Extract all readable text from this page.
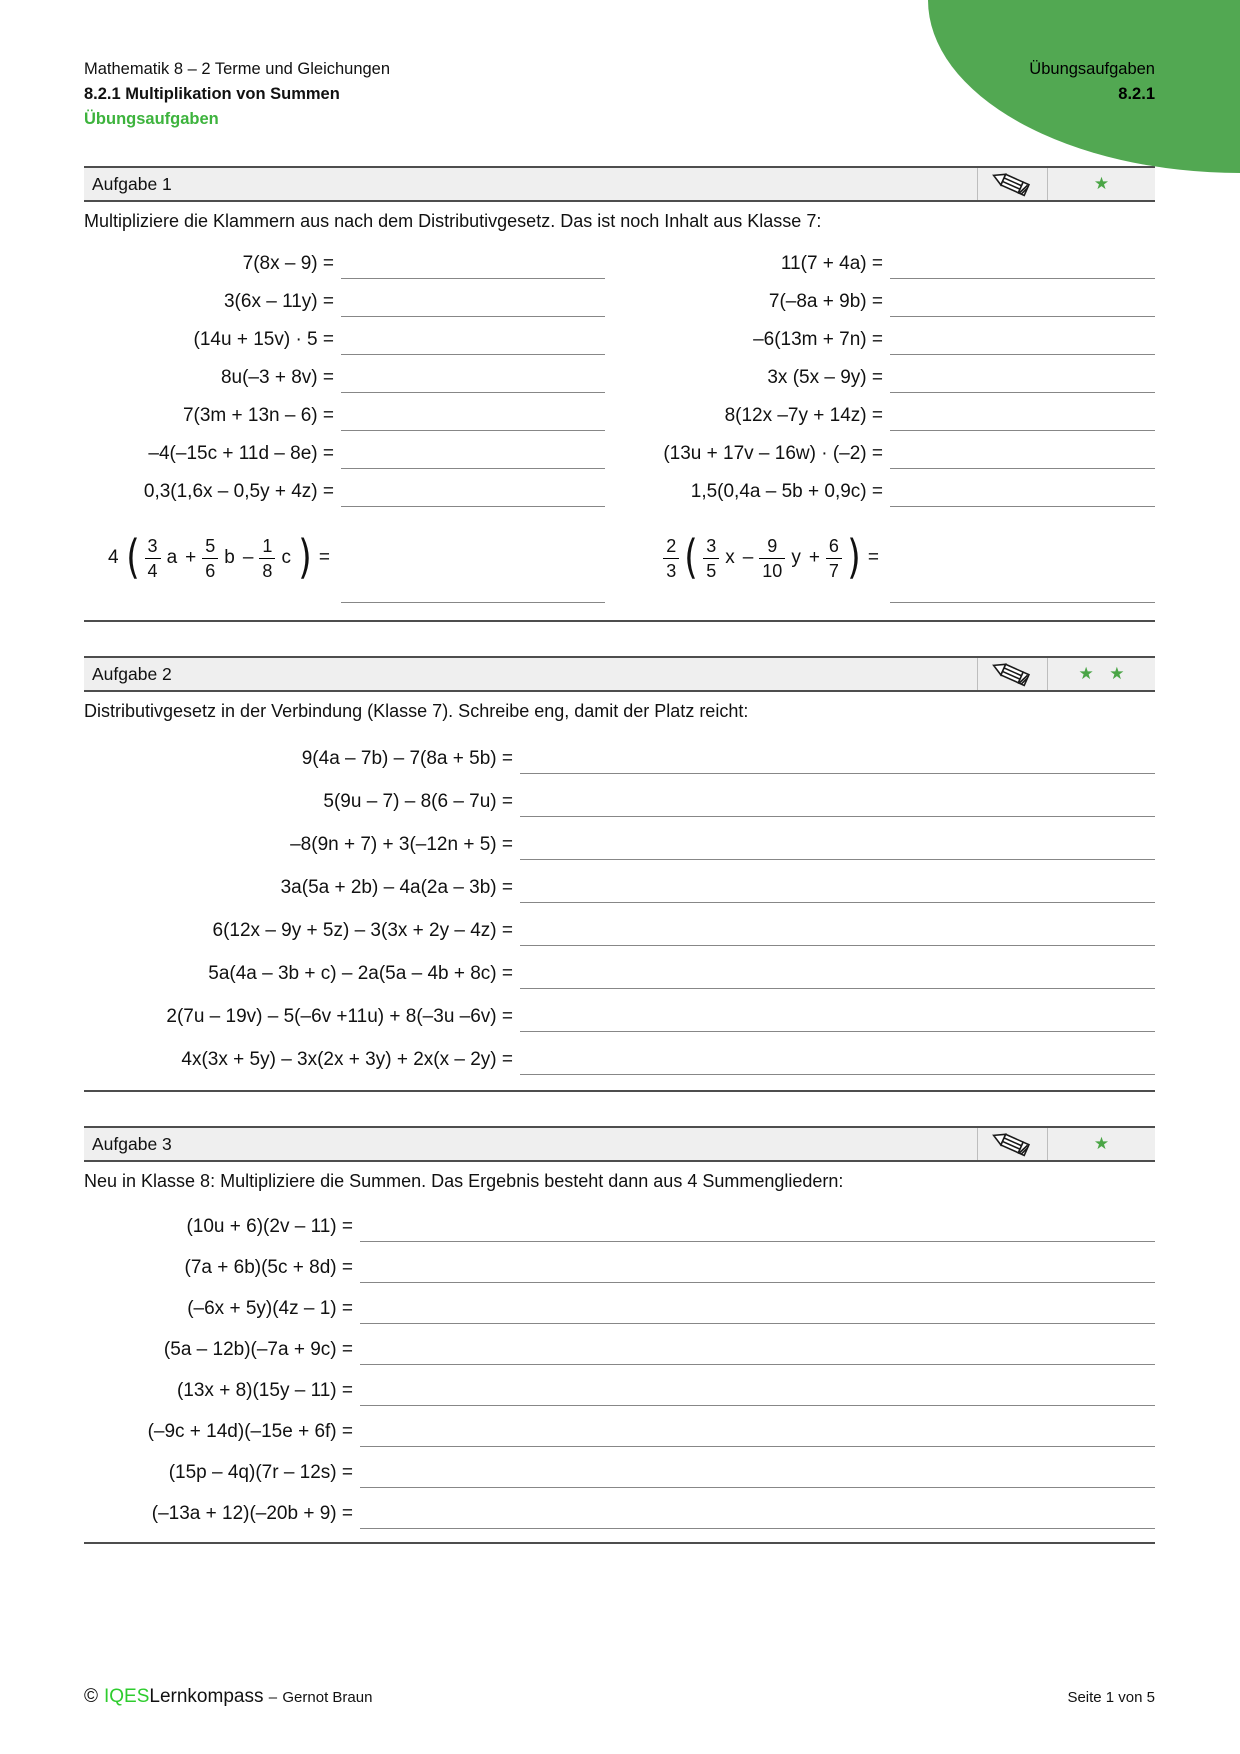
Übungsaufgaben
8.2.1
Mathematik 8 – 2 Terme und Gleichungen
8.2.1 Multiplikation von Summen
Übungsaufgaben
Aufgabe 1	★

Multipliziere die Klammern aus nach dem Distributivgesetz. Das ist noch Inhalt aus Klasse 7:

7(8x – 9) =	11(7 + 4a) =
3(6x – 11y) =	7(–8a + 9b) =
(14u + 15v) · 5 =	–6(13m + 7n) =
8u(–3 + 8v) =	3x (5x – 9y) =
7(3m + 13n – 6) =	8(12x –7y + 14z) =
–4(–15c + 11d – 8e) =	(13u + 17v – 16w) · (–2) =
0,3(1,6x – 0,5y + 4z) =	1,5(0,4a – 5b + 0,9c) =
4 ( $\frac{3}{4}$ $a + \frac{5}{6}$ b – $\frac{1}{8}$ c ) =	$\frac{2}{3}$ ( $\frac{3}{5}$ x – $\frac{9}{10}$ $y + \frac{6}{7}$ ) =
Aufgabe 2	★ ★

Distributivgesetz in der Verbindung (Klasse 7). Schreibe eng, damit der Platz reicht:

9(4a – 7b) – 7(8a + 5b) =
5(9u – 7) – 8(6 – 7u) =
–8(9n + 7) + 3(–12n + 5) =
3a(5a + 2b) – 4a(2a – 3b) =
6(12x – 9y + 5z) – 3(3x + 2y – 4z) =
5a(4a – 3b + c) – 2a(5a – 4b + 8c) =
2(7u – 19v) – 5(–6v +11u) + 8(–3u –6v) =
4x(3x + 5y) – 3x(2x + 3y) + 2x(x – 2y) =
Aufgabe 3	★

Neu in Klasse 8: Multipliziere die Summen. Das Ergebnis besteht dann aus 4 Summengliedern:

(10u + 6)(2v – 11) =
(7a + 6b)(5c + 8d) =
(–6x + 5y)(4z – 1) =
(5a – 12b)(–7a + 9c) =
(13x + 8)(15y – 11) =
(–9c + 14d)(–15e + 6f) =
(15p – 4q)(7r – 12s) =
(–13a + 12)(–20b + 9) =
© IQESLernkompass – Gernot Braun	Seite 1 von 5
